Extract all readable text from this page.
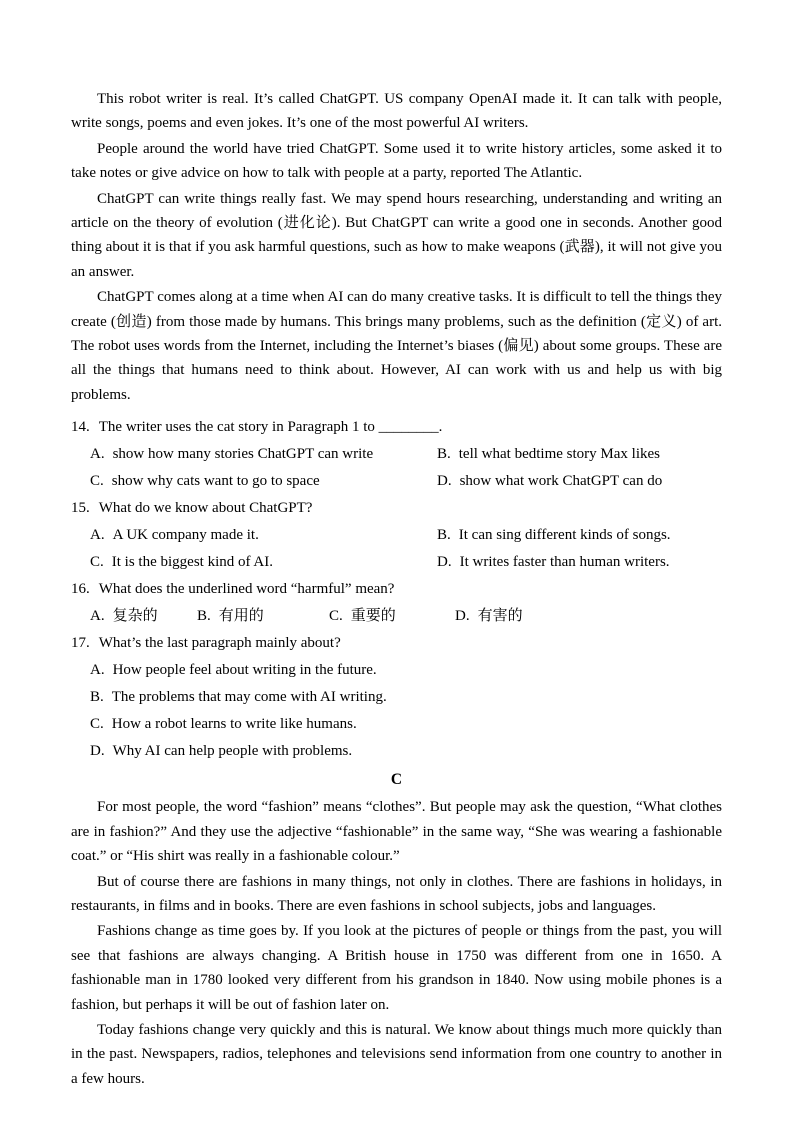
This robot writer is real. It’s called ChatGPT. US company OpenAI made it. It can talk with people, write songs, poems and even jokes. It’s one of the most powerful AI writers.

People around the world have tried ChatGPT. Some used it to write history articles, some asked it to take notes or give advice on how to talk with people at a party, reported The Atlantic.

ChatGPT can write things really fast. We may spend hours researching, understanding and writing an article on the theory of evolution (进化论). But ChatGPT can write a good one in seconds. Another good thing about it is that if you ask harmful questions, such as how to make weapons (武器), it will not give you an answer.

ChatGPT comes along at a time when AI can do many creative tasks. It is difficult to tell the things they create (创造) from those made by humans. This brings many problems, such as the definition (定义) of art. The robot uses words from the Internet, including the Internet’s biases (偏见) about some groups. These are all the things that humans need to think about. However, AI can work with us and help us with big problems.

14. The writer uses the cat story in Paragraph 1 to ________.
A. show how many stories ChatGPT can write	B. tell what bedtime story Max likes
C. show why cats want to go to space	D. show what work ChatGPT can do
15. What do we know about ChatGPT?
A. A UK company made it.	B. It can sing different kinds of songs.
C. It is the biggest kind of AI.	D. It writes faster than human writers.
16. What does the underlined word “harmful” mean?
A. 复杂的	B. 有用的	C. 重要的	D. 有害的
17. What’s the last paragraph mainly about?
A. How people feel about writing in the future.
B. The problems that may come with AI writing.
C. How a robot learns to write like humans.
D. Why AI can help people with problems.
C

For most people, the word “fashion” means “clothes”. But people may ask the question, “What clothes are in fashion?” And they use the adjective “fashionable” in the same way, “She was wearing a fashionable coat.” or “His shirt was really in a fashionable colour.”

But of course there are fashions in many things, not only in clothes. There are fashions in holidays, in restaurants, in films and in books. There are even fashions in school subjects, jobs and languages.

Fashions change as time goes by. If you look at the pictures of people or things from the past, you will see that fashions are always changing. A British house in 1750 was different from one in 1650. A fashionable man in 1780 looked very different from his grandson in 1840. Now using mobile phones is a fashion, but perhaps it will be out of fashion later on.

Today fashions change very quickly and this is natural. We know about things much more quickly than in the past. Newspapers, radios, telephones and televisions send information from one country to another in a few hours.
